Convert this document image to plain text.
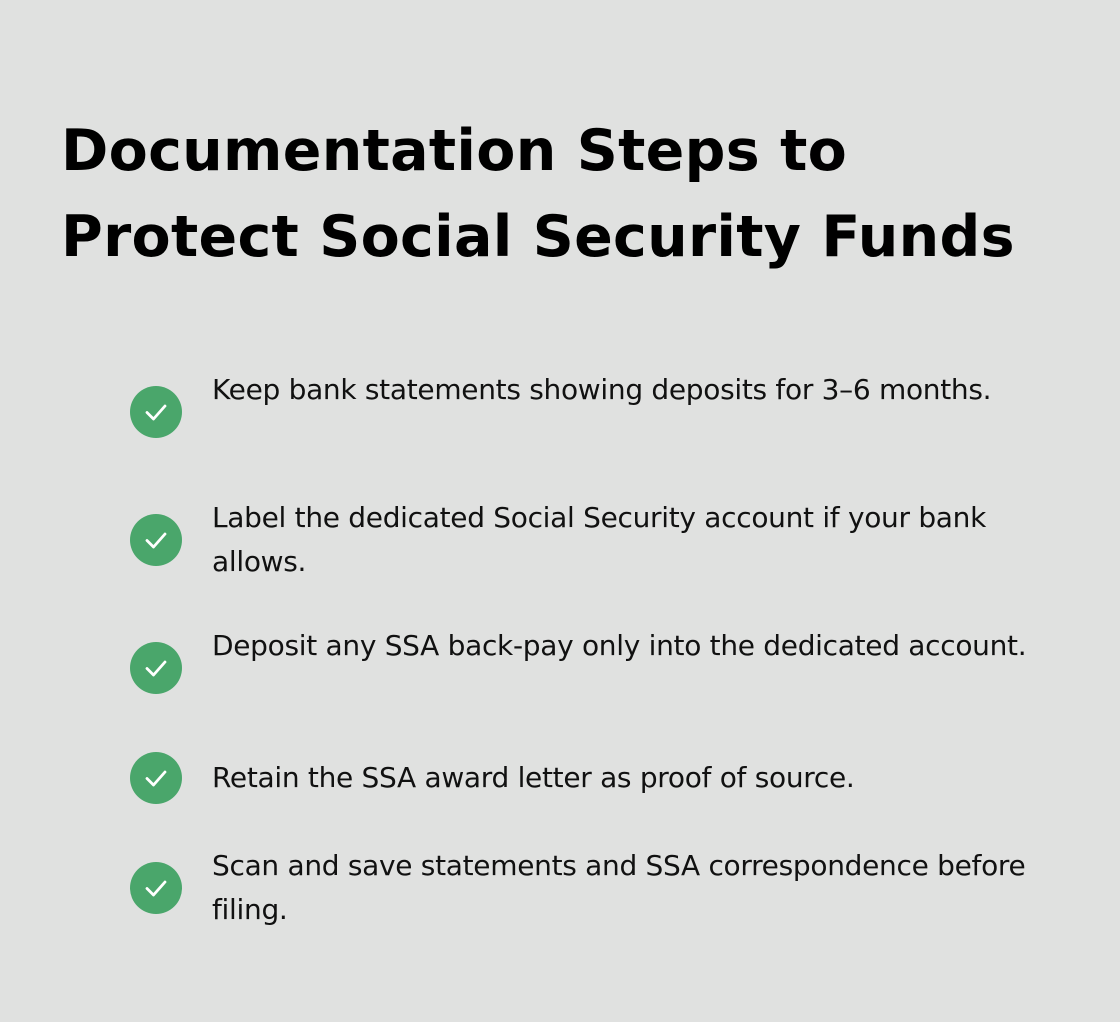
Documentation Steps to
Protect Social Security Funds
Keep bank statements showing deposits for 3–6 months.
Label the dedicated Social Security account if your bank allows.
Deposit any SSA back-pay only into the dedicated account.
Retain the SSA award letter as proof of source.
Scan and save statements and SSA correspondence before filing.
